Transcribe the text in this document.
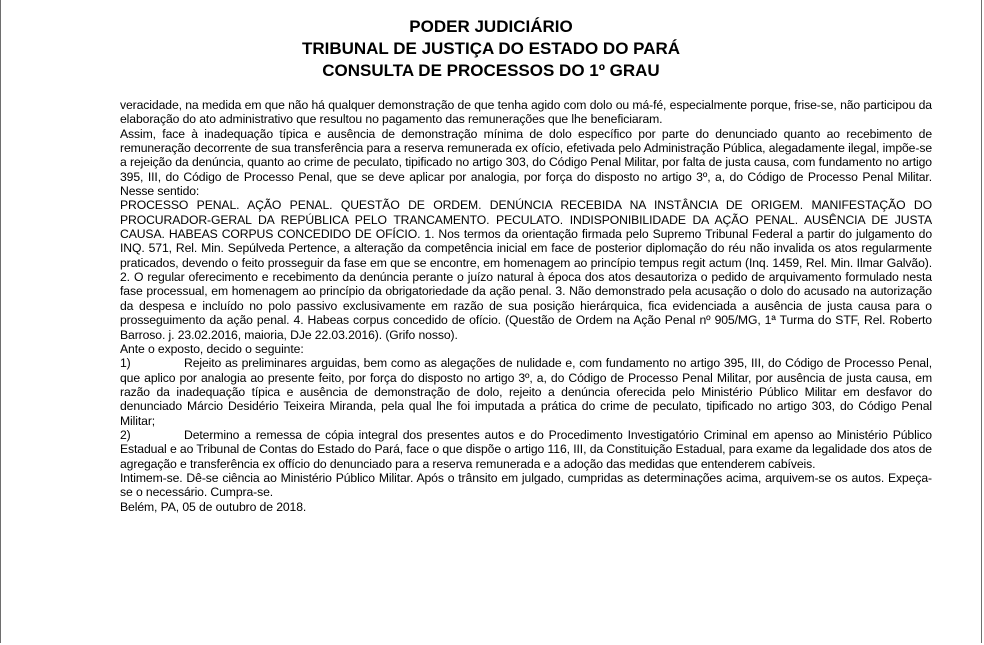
PODER JUDICIÁRIO
TRIBUNAL DE JUSTIÇA DO ESTADO DO PARÁ
CONSULTA DE PROCESSOS DO 1º GRAU

veracidade, na medida em que não há qualquer demonstração de que tenha agido com dolo ou má-fé, especialmente porque, frise-se, não participou da elaboração do ato administrativo que resultou no pagamento das remunerações que lhe beneficiaram.

Assim, face à inadequação típica e ausência de demonstração mínima de dolo específico por parte do denunciado quanto ao recebimento de remuneração decorrente de sua transferência para a reserva remunerada ex ofício, efetivada pelo Administração Pública, alegadamente ilegal, impõe-se a rejeição da denúncia, quanto ao crime de peculato, tipificado no artigo 303, do Código Penal Militar, por falta de justa causa, com fundamento no artigo 395, III, do Código de Processo Penal, que se deve aplicar por analogia, por força do disposto no artigo 3º, a, do Código de Processo Penal Militar. Nesse sentido:

PROCESSO PENAL. AÇÃO PENAL. QUESTÃO DE ORDEM. DENÚNCIA RECEBIDA NA INSTÂNCIA DE ORIGEM. MANIFESTAÇÃO DO PROCURADOR-GERAL DA REPÚBLICA PELO TRANCAMENTO. PECULATO. INDISPONIBILIDADE DA AÇÃO PENAL. AUSÊNCIA DE JUSTA CAUSA. HABEAS CORPUS CONCEDIDO DE OFÍCIO. 1. Nos termos da orientação firmada pelo Supremo Tribunal Federal a partir do julgamento do INQ. 571, Rel. Min. Sepúlveda Pertence, a alteração da competência inicial em face de posterior diplomação do réu não invalida os atos regularmente praticados, devendo o feito prosseguir da fase em que se encontre, em homenagem ao princípio tempus regit actum (Inq. 1459, Rel. Min. Ilmar Galvão). 2. O regular oferecimento e recebimento da denúncia perante o juízo natural à época dos atos desautoriza o pedido de arquivamento formulado nesta fase processual, em homenagem ao princípio da obrigatoriedade da ação penal. 3. Não demonstrado pela acusação o dolo do acusado na autorização da despesa e incluído no polo passivo exclusivamente em razão de sua posição hierárquica, fica evidenciada a ausência de justa causa para o prosseguimento da ação penal. 4. Habeas corpus concedido de ofício. (Questão de Ordem na Ação Penal nº 905/MG, 1ª Turma do STF, Rel. Roberto Barroso. j. 23.02.2016, maioria, DJe 22.03.2016). (Grifo nosso).

Ante o exposto, decido o seguinte:

1)	Rejeito as preliminares arguidas, bem como as alegações de nulidade e, com fundamento no artigo 395, III, do Código de Processo Penal, que aplico por analogia ao presente feito, por força do disposto no artigo 3º, a, do Código de Processo Penal Militar, por ausência de justa causa, em razão da inadequação típica e ausência de demonstração de dolo, rejeito a denúncia oferecida pelo Ministério Público Militar em desfavor do denunciado Márcio Desidério Teixeira Miranda, pela qual lhe foi imputada a prática do crime de peculato, tipificado no artigo 303, do Código Penal Militar;

2)	Determino a remessa de cópia integral dos presentes autos e do Procedimento Investigatório Criminal em apenso ao Ministério Público Estadual e ao Tribunal de Contas do Estado do Pará, face o que dispõe o artigo 116, III, da Constituição Estadual, para exame da legalidade dos atos de agregação e transferência ex offício do denunciado para a reserva remunerada e a adoção das medidas que entenderem cabíveis.

Intimem-se. Dê-se ciência ao Ministério Público Militar. Após o trânsito em julgado, cumpridas as determinações acima, arquivem-se os autos. Expeça-se o necessário. Cumpra-se.

Belém, PA, 05 de outubro de 2018.
